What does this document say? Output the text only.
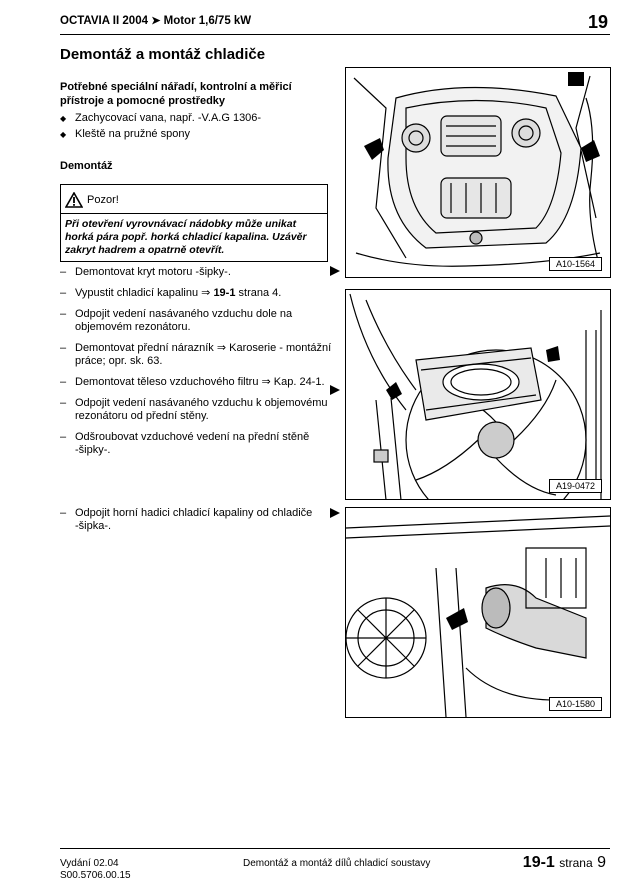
OCTAVIA II 2004 ➤ Motor 1,6/75 kW	19
Demontáž a montáž chladiče
Potřebné speciální nářadí, kontrolní a měřicí přístroje a pomocné prostředky
◆ Zachycovací vana, např. -V.A.G 1306-
◆ Kleště na pružné spony
Demontáž
Pozor!
Při otevření vyrovnávací nádobky může unikat horká pára popř. horká chladicí kapalina. Uzávěr zakryt hadrem a opatrně otevřít.
– Demontovat kryt motoru -šipky-.
– Vypustit chladicí kapalinu ⇒ 19-1 strana 4.
– Odpojit vedení nasávaného vzduchu dole na objemovém rezonátoru.
– Demontovat přední nárazník ⇒ Karoserie - montážní práce; opr. sk. 63.
– Demontovat těleso vzduchového filtru ⇒ Kap. 24-1.
– Odpojit vedení nasávaného vzduchu k objemovému rezonátoru od přední stěny.
– Odšroubovat vzduchové vedení na přední stěně -šipky-.
– Odpojit horní hadici chladicí kapaliny od chladiče -šipka-.
A10-1564
A19-0472
A10-1580
Vydání 02.04
S00.5706.00.15
Demontáž a montáž dílů chladicí soustavy	19-1 strana 9
